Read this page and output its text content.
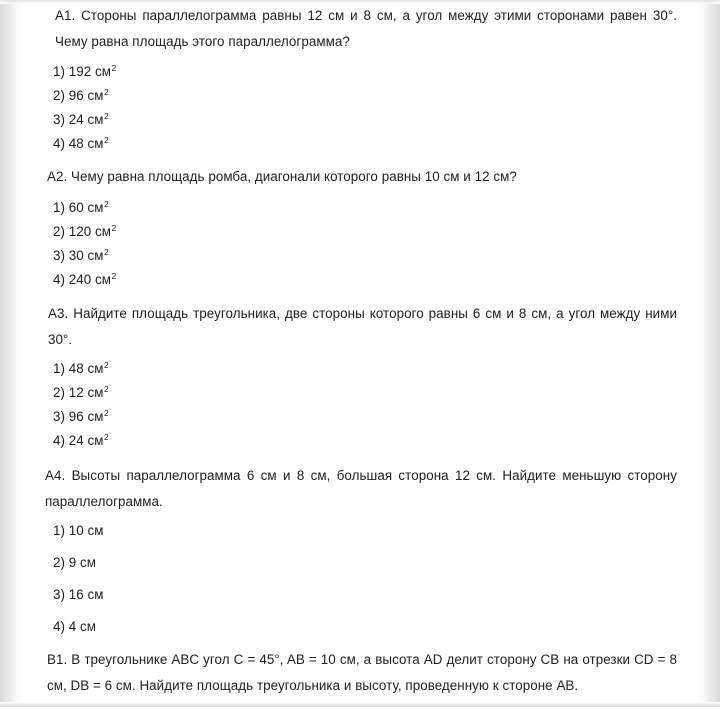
A1. Стороны параллелограмма равны 12 см и 8 см, а угол между этими сторонами равен 30°. Чему равна площадь этого параллелограмма?
1) 192 $см^2$
2) 96 $см^2$
3) 24 $см^2$
4) 48 $см^2$
A2. Чему равна площадь ромба, диагонали которого равны 10 см и 12 см?
1) 60 $см^2$
2) 120 $см^2$
3) 30 $см^2$
4) 240 $см^2$
A3. Найдите площадь треугольника, две стороны которого равны 6 см и 8 см, а угол между ними 30°.
1) 48 $см^2$
2) 12 $см^2$
3) 96 $см^2$
4) 24 $см^2$
A4. Высоты параллелограмма 6 см и 8 см, большая сторона 12 см. Найдите меньшую сторону параллелограмма.
1) 10 см
2) 9 см
3) 16 см
4) 4 см
B1. В треугольнике ABC угол C = 45°, AB = 10 см, а высота AD делит сторону CB на отрезки CD = 8 см, DB = 6 см. Найдите площадь треугольника и высоту, проведенную к стороне AB.
